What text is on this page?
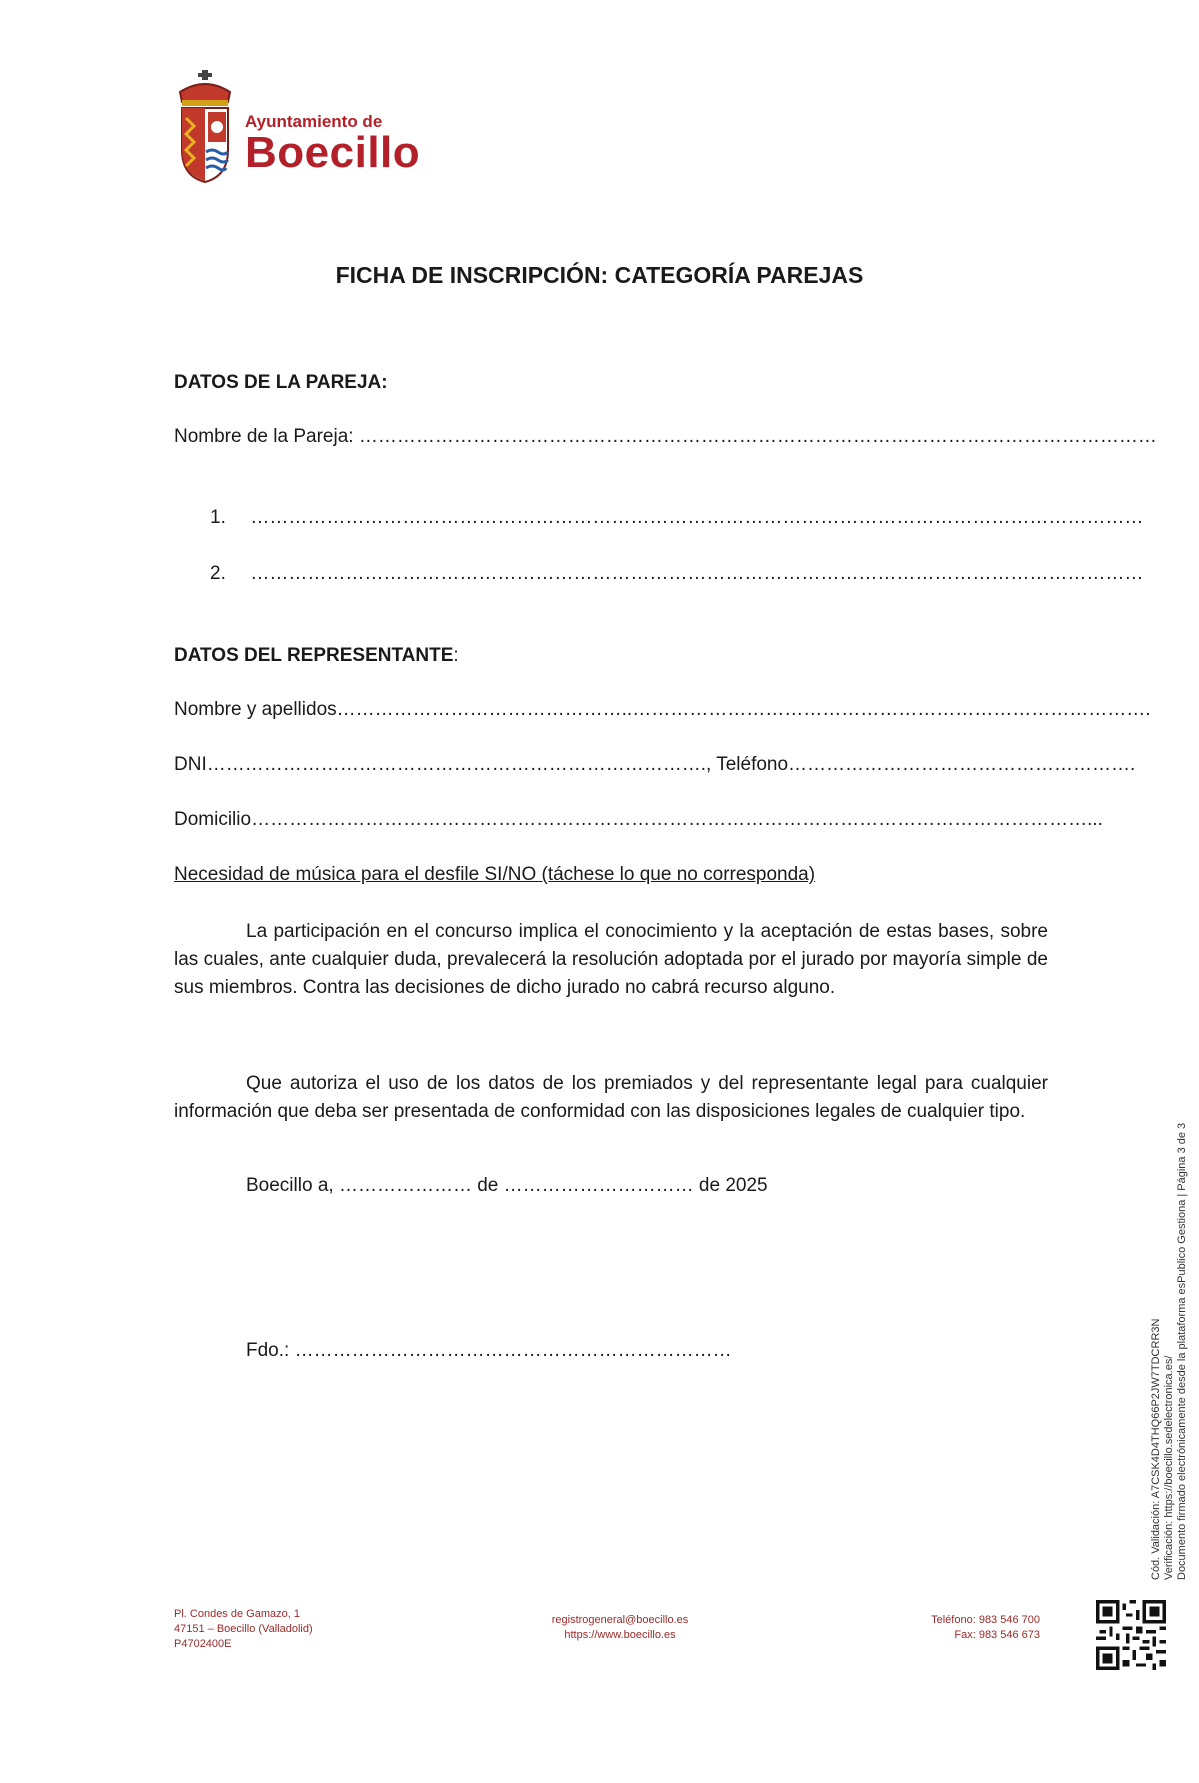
Ayuntamiento de
Boecillo
FICHA DE INSCRIPCIÓN: CATEGORÍA PAREJAS
DATOS DE LA PAREJA:
Nombre de la Pareja: ………………………………………………………………………………………………………………
1. ……………………………………………………………………………………………………………………………
2. ……………………………………………………………………………………………………………………………
DATOS DEL REPRESENTANTE:
Nombre y apellidos………………………………………..……………………………………………………………………….
DNI……………………………………………………………………., Teléfono……………………………………………….
Domicilio……………………………………………………………………………………………………………………...
Necesidad de música para el desfile SI/NO (táchese lo que no corresponda)
La participación en el concurso implica el conocimiento y la aceptación de estas bases, sobre las cuales, ante cualquier duda, prevalecerá la resolución adoptada por el jurado por mayoría simple de sus miembros. Contra las decisiones de dicho jurado no cabrá recurso alguno.
Que autoriza el uso de los datos de los premiados y del representante legal para cualquier información que deba ser presentada de conformidad con las disposiciones legales de cualquier tipo.
Boecillo a, ………………… de ………………………… de 2025
Fdo.: ……………………………………………………………
Pl. Condes de Gamazo, 1
47151 – Boecillo (Valladolid)
P4702400E
registrogeneral@boecillo.es
https://www.boecillo.es
Teléfono: 983 546 700
Fax: 983 546 673
Cód. Validación: A7CSK4D4THQ66P2JW7TDCRR3N Verificación: https://boecillo.sedelectronica.es/ Documento firmado electrónicamente desde la plataforma esPublico Gestiona | Página 3 de 3
